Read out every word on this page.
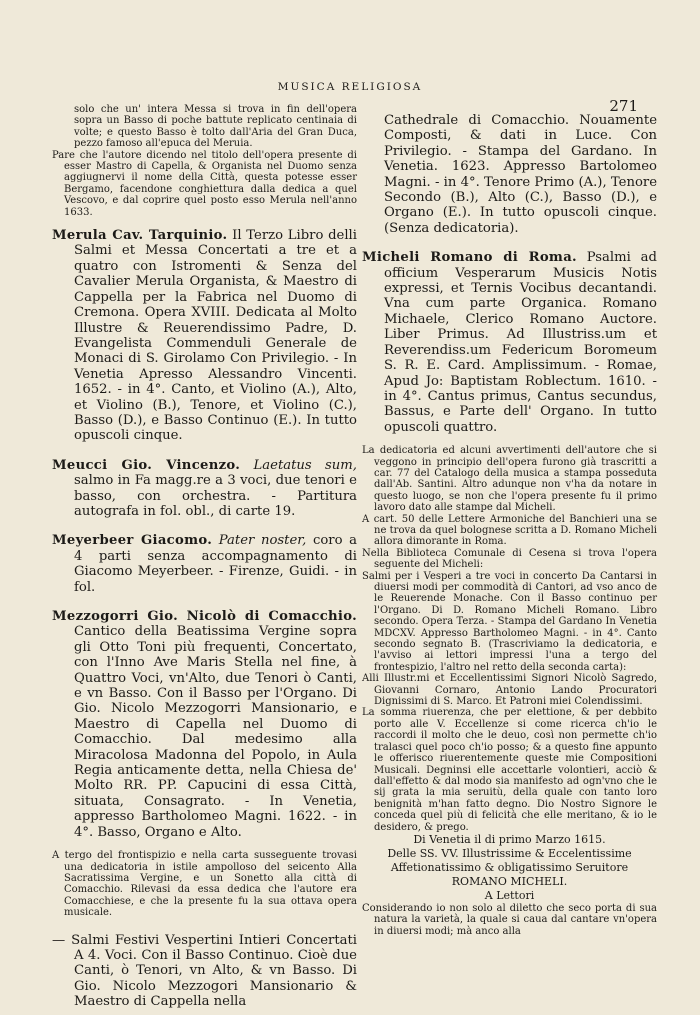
MUSICA RELIGIOSA
271

solo che un' intera Messa si trova in fin dell'opera sopra un Basso di poche battute replicato centinaia di volte; e questo Basso è tolto dall'Aria del Gran Duca, pezzo famoso all'epuca del Meruia.

Pare che l'autore dicendo nel titolo dell'opera presente di esser Mastro di Capella, & Organista nel Duomo senza aggiugnervi il nome della Città, questa potesse esser Bergamo, facendone conghiettura dalla dedica a quel Vescovo, e dal coprire quel posto esso Merula nell'anno 1633.

Merula Cav. Tarquinio. Il Terzo Libro delli Salmi et Messa Concertati a tre et a quatro con Istromenti & Senza del Cavalier Merula Organista, & Maestro di Cappella per la Fabrica nel Duomo di Cremona. Opera XVIII. Dedicata al Molto Illustre & Reuerendissimo Padre, D. Evangelista Commenduli Generale de Monaci di S. Girolamo Con Privilegio. - In Venetia Apresso Alessandro Vincenti. 1652. - in 4°. Canto, et Violino (A.), Alto, et Violino (B.), Tenore, et Violino (C.), Basso (D.), e Basso Continuo (E.). In tutto opuscoli cinque.

Meucci Gio. Vincenzo. Laetatus sum, salmo in Fa magg.re a 3 voci, due tenori e basso, con orchestra. - Partitura autografa in fol. obl., di carte 19.

Meyerbeer Giacomo. Pater noster, coro a 4 parti senza accompagnamento di Giacomo Meyerbeer. - Firenze, Guidi. - in fol.

Mezzogorri Gio. Nicolò di Comacchio. Cantico della Beatissima Vergine sopra gli Otto Toni più frequenti, Concertato, con l'Inno Ave Maris Stella nel fine, à Quattro Voci, vn'Alto, due Tenori ò Canti, e vn Basso. Con il Basso per l'Organo. Di Gio. Nicolo Mezzogorri Mansionario, e Maestro di Capella nel Duomo di Comacchio. Dal medesimo alla Miracolosa Madonna del Popolo, in Aula Regia anticamente detta, nella Chiesa de' Molto RR. PP. Capucini di essa Città, situata, Consagrato. - In Venetia, appresso Bartholomeo Magni. 1622. - in 4°. Basso, Organo e Alto.

A tergo del frontispizio e nella carta susseguente trovasi una dedicatoria in istile ampolloso del seicento Alla Sacratissima Vergine, e un Sonetto alla città di Comacchio. Rilevasi da essa dedica che l'autore era Comacchiese, e che la presente fu la sua ottava opera musicale.

— Salmi Festivi Vespertini Intieri Concertati A 4. Voci. Con il Basso Continuo. Cioè due Canti, ò Tenori, vn Alto, & vn Basso. Di Gio. Nicolo Mezzogori Mansionario & Maestro di Cappella nella

Cathedrale di Comacchio. Nouamente Composti, & dati in Luce. Con Privilegio. - Stampa del Gardano. In Venetia. 1623. Appresso Bartolomeo Magni. - in 4°. Tenore Primo (A.), Tenore Secondo (B.), Alto (C.), Basso (D.), e Organo (E.). In tutto opuscoli cinque. (Senza dedicatoria).

Micheli Romano di Roma. Psalmi ad officium Vesperarum Musicis Notis expressi, et Ternis Vocibus decantandi. Vna cum parte Organica. Romano Michaele, Clerico Romano Auctore. Liber Primus. Ad Illustriss.um et Reverendiss.um Federicum Boromeum S. R. E. Card. Amplissimum. - Romae, Apud Jo: Baptistam Roblectum. 1610. - in 4°. Cantus primus, Cantus secundus, Bassus, e Parte dell' Organo. In tutto opuscoli quattro.

La dedicatoria ed alcuni avvertimenti dell'autore che si veggono in principio dell'opera furono già trascritti a car. 77 del Catalogo della musica a stampa posseduta dall'Ab. Santini. Altro adunque non v'ha da notare in questo luogo, se non che l'opera presente fu il primo lavoro dato alle stampe dal Micheli.

A cart. 50 delle Lettere Armoniche del Banchieri una se ne trova da quel bolognese scritta a D. Romano Micheli allora dimorante in Roma.

Nella Biblioteca Comunale di Cesena si trova l'opera seguente del Micheli:

Salmi per i Vesperi a tre voci in concerto Da Cantarsi in diuersi modi per commodità di Cantori, ad vso anco de le Reuerende Monache. Con il Basso continuo per l'Organo. Di D. Romano Micheli Romano. Libro secondo. Opera Terza. - Stampa del Gardano In Venetia MDCXV. Appresso Bartholomeo Magni. - in 4°. Canto secondo segnato B. (Trascriviamo la dedicatoria, e l'avviso ai lettori impressi l'una a tergo del frontespizio, l'altro nel retto della seconda carta):

Alli Illustr.mi et Eccellentissimi Signori Nicolò Sagredo, Giovanni Cornaro, Antonio Lando Procuratori Dignissimi di S. Marco. Et Patroni miei Colendissimi.

La somma riuerenza, che per elettione, & per debbito porto alle V. Eccellenze si come ricerca ch'io le raccordi il molto che le deuo, così non permette ch'io tralasci quel poco ch'io posso; & a questo fine appunto le offerisco riuerentemente queste mie Compositioni Musicali. Degninsi elle accettarle volontieri, acciò & dall'effetto & dal modo sia manifesto ad ogn'vno che le sij grata la mia seruitù, della quale con tanto loro benignità m'han fatto degno. Dio Nostro Signore le conceda quel più di felicità che elle meritano, & io le desidero, & prego.

Di Venetia il di primo Marzo 1615.

Delle SS. VV. Illustrissime & Eccelentissime

Affetionatissimo & obligatissimo Seruitore

ROMANO MICHELI.

A Lettori

Considerando io non solo al diletto che seco porta di sua natura la varietà, la quale si caua dal cantare vn'opera in diuersi modi; mà anco alla
